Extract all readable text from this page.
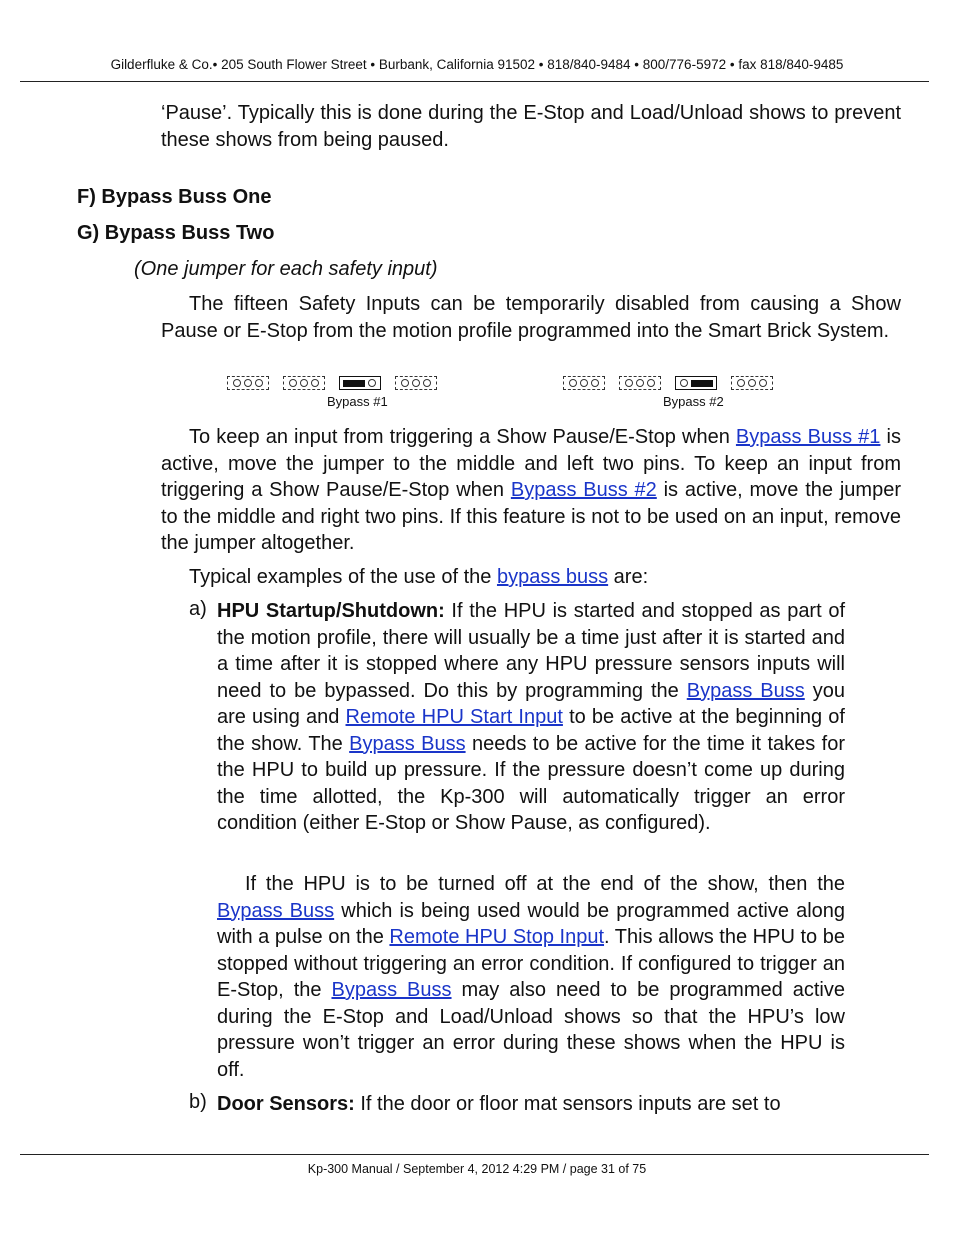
Gilderfluke & Co.• 205 South Flower Street • Burbank, California 91502 • 818/840-9484 • 800/776-5972 • fax 818/840-9485

‘Pause’. Typically this is done during the E-Stop and Load/Unload shows to prevent these shows from being paused.

F) Bypass Buss One
G) Bypass Buss Two
(One jumper for each safety input)

The fifteen Safety Inputs can be temporarily disabled from causing a Show Pause or E-Stop from the motion profile programmed into the Smart Brick System.

Bypass #1	Bypass #2

To keep an input from triggering a Show Pause/E-Stop when Bypass Buss #1 is active, move the jumper to the middle and left two pins. To keep an input from triggering a Show Pause/E-Stop when Bypass Buss #2 is active, move the jumper to the middle and right two pins. If this feature is not to be used on an input, remove the jumper altogether.

Typical examples of the use of the bypass buss are:

a) HPU Startup/Shutdown: If the HPU is started and stopped as part of the motion profile, there will usually be a time just after it is started and a time after it is stopped where any HPU pressure sensors inputs will need to be bypassed. Do this by programming the Bypass Buss you are using and Remote HPU Start Input to be active at the beginning of the show. The Bypass Buss needs to be active for the time it takes for the HPU to build up pressure. If the pressure doesn’t come up during the time allotted, the Kp-300 will automatically trigger an error condition (either E-Stop or Show Pause, as configured).

If the HPU is to be turned off at the end of the show, then the Bypass Buss which is being used would be programmed active along with a pulse on the Remote HPU Stop Input. This allows the HPU to be stopped without triggering an error condition. If configured to trigger an E-Stop, the Bypass Buss may also need to be programmed active during the E-Stop and Load/Unload shows so that the HPU’s low pressure won’t trigger an error during these shows when the HPU is off.

b) Door Sensors: If the door or floor mat sensors inputs are set to

Kp-300 Manual / September 4, 2012 4:29 PM / page 31 of 75
